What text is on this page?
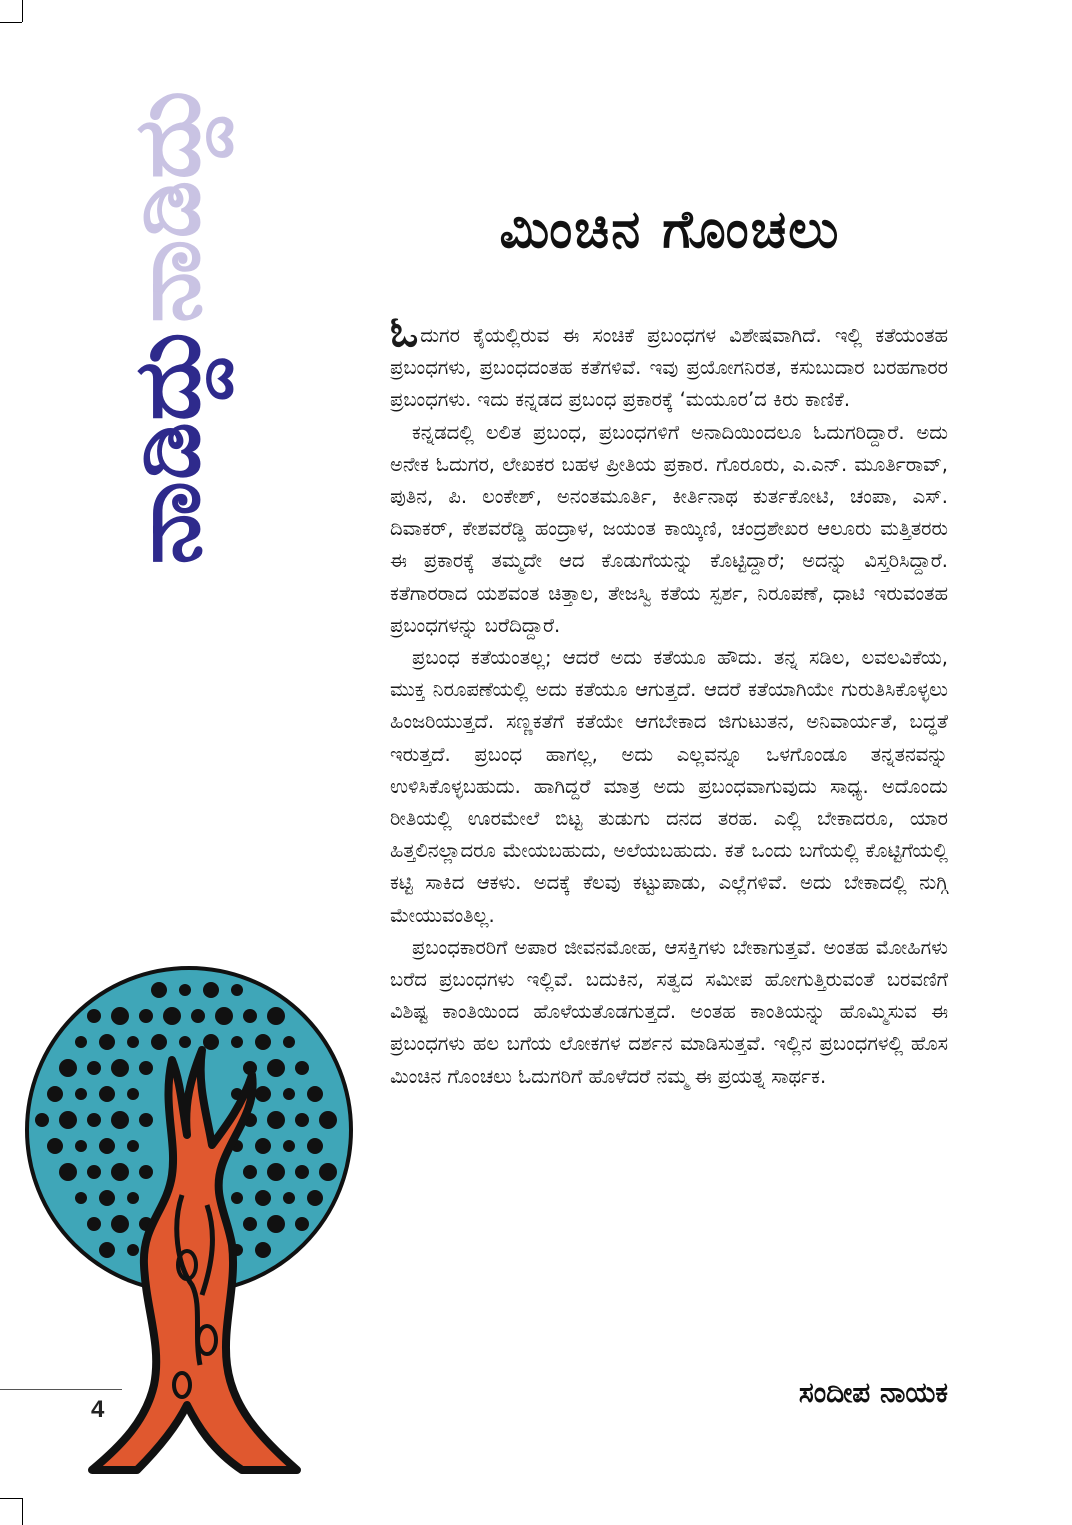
ನಾಡಿದ್ದುನಾಡಿದ್ದು	ಮಿಂಚಿನ ಗೊಂಚಲು

ಓದುಗರ ಕೈಯಲ್ಲಿರುವ ಈ ಸಂಚಿಕೆ ಪ್ರಬಂಧಗಳ ವಿಶೇಷವಾಗಿದೆ. ಇಲ್ಲಿ ಕತೆಯಂತಹ ಪ್ರಬಂಧಗಳು, ಪ್ರಬಂಧದಂತಹ ಕತೆಗಳಿವೆ. ಇವು ಪ್ರಯೋಗನಿರತ, ಕಸುಬುದಾರ ಬರಹಗಾರರ ಪ್ರಬಂಧಗಳು. ಇದು ಕನ್ನಡದ ಪ್ರಬಂಧ ಪ್ರಕಾರಕ್ಕೆ ‘ಮಯೂರ’ದ ಕಿರು ಕಾಣಿಕೆ.

ಕನ್ನಡದಲ್ಲಿ ಲಲಿತ ಪ್ರಬಂಧ, ಪ್ರಬಂಧಗಳಿಗೆ ಅನಾದಿಯಿಂದಲೂ ಓದುಗರಿದ್ದಾರೆ. ಅದು ಅನೇಕ ಓದುಗರ, ಲೇಖಕರ ಬಹಳ ಪ್ರೀತಿಯ ಪ್ರಕಾರ. ಗೊರೂರು, ಎ.ಎನ್. ಮೂರ್ತಿರಾವ್, ಪುತಿನ, ಪಿ. ಲಂಕೇಶ್, ಅನಂತಮೂರ್ತಿ, ಕೀರ್ತಿನಾಥ ಕುರ್ತಕೋಟಿ, ಚಂಪಾ, ಎಸ್. ದಿವಾಕರ್, ಕೇಶವರೆಡ್ಡಿ ಹಂದ್ರಾಳ, ಜಯಂತ ಕಾಯ್ಕಿಣಿ, ಚಂದ್ರಶೇಖರ ಆಲೂರು ಮತ್ತಿತರರು ಈ ಪ್ರಕಾರಕ್ಕೆ ತಮ್ಮದೇ ಆದ ಕೊಡುಗೆಯನ್ನು ಕೊಟ್ಟಿದ್ದಾರೆ; ಅದನ್ನು ವಿಸ್ತರಿಸಿದ್ದಾರೆ. ಕತೆಗಾರರಾದ ಯಶವಂತ ಚಿತ್ತಾಲ, ತೇಜಸ್ವಿ ಕತೆಯ ಸ್ಪರ್ಶ, ನಿರೂಪಣೆ, ಧಾಟಿ ಇರುವಂತಹ ಪ್ರಬಂಧಗಳನ್ನು ಬರೆದಿದ್ದಾರೆ.

ಪ್ರಬಂಧ ಕತೆಯಂತಲ್ಲ; ಆದರೆ ಅದು ಕತೆಯೂ ಹೌದು. ತನ್ನ ಸಡಿಲ, ಲವಲವಿಕೆಯ, ಮುಕ್ತ ನಿರೂಪಣೆಯಲ್ಲಿ ಅದು ಕತೆಯೂ ಆಗುತ್ತದೆ. ಆದರೆ ಕತೆಯಾಗಿಯೇ ಗುರುತಿಸಿಕೊಳ್ಳಲು ಹಿಂಜರಿಯುತ್ತದೆ. ಸಣ್ಣಕತೆಗೆ ಕತೆಯೇ ಆಗಬೇಕಾದ ಜಿಗುಟುತನ, ಅನಿವಾರ್ಯತೆ, ಬದ್ಧತೆ ಇರುತ್ತದೆ. ಪ್ರಬಂಧ ಹಾಗಲ್ಲ, ಅದು ಎಲ್ಲವನ್ನೂ ಒಳಗೊಂಡೂ ತನ್ನತನವನ್ನು ಉಳಿಸಿಕೊಳ್ಳಬಹುದು. ಹಾಗಿದ್ದರೆ ಮಾತ್ರ ಅದು ಪ್ರಬಂಧವಾಗುವುದು ಸಾಧ್ಯ. ಅದೊಂದು ರೀತಿಯಲ್ಲಿ ಊರಮೇಲೆ ಬಿಟ್ಟ ತುಡುಗು ದನದ ತರಹ. ಎಲ್ಲಿ ಬೇಕಾದರೂ, ಯಾರ ಹಿತ್ತಲಿನಲ್ಲಾದರೂ ಮೇಯಬಹುದು, ಅಲೆಯಬಹುದು. ಕತೆ ಒಂದು ಬಗೆಯಲ್ಲಿ ಕೊಟ್ಟಿಗೆಯಲ್ಲಿ ಕಟ್ಟಿ ಸಾಕಿದ ಆಕಳು. ಅದಕ್ಕೆ ಕೆಲವು ಕಟ್ಟುಪಾಡು, ಎಲ್ಲೆಗಳಿವೆ. ಅದು ಬೇಕಾದಲ್ಲಿ ನುಗ್ಗಿ ಮೇಯುವಂತಿಲ್ಲ.

ಪ್ರಬಂಧಕಾರರಿಗೆ ಅಪಾರ ಜೀವನಮೋಹ, ಆಸಕ್ತಿಗಳು ಬೇಕಾಗುತ್ತವೆ. ಅಂತಹ ಮೋಹಿಗಳು ಬರೆದ ಪ್ರಬಂಧಗಳು ಇಲ್ಲಿವೆ. ಬದುಕಿನ, ಸತ್ವದ ಸಮೀಪ ಹೋಗುತ್ತಿರುವಂತೆ ಬರವಣಿಗೆ ವಿಶಿಷ್ಟ ಕಾಂತಿಯಿಂದ ಹೊಳೆಯತೊಡಗುತ್ತದೆ. ಅಂತಹ ಕಾಂತಿಯನ್ನು ಹೊಮ್ಮಿಸುವ ಈ ಪ್ರಬಂಧಗಳು ಹಲ ಬಗೆಯ ಲೋಕಗಳ ದರ್ಶನ ಮಾಡಿಸುತ್ತವೆ. ಇಲ್ಲಿನ ಪ್ರಬಂಧಗಳಲ್ಲಿ ಹೊಸ ಮಿಂಚಿನ ಗೊಂಚಲು ಓದುಗರಿಗೆ ಹೊಳೆದರೆ ನಮ್ಮ ಈ ಪ್ರಯತ್ನ ಸಾರ್ಥಕ.

ಸಂದೀಪ ನಾಯಕ
4
